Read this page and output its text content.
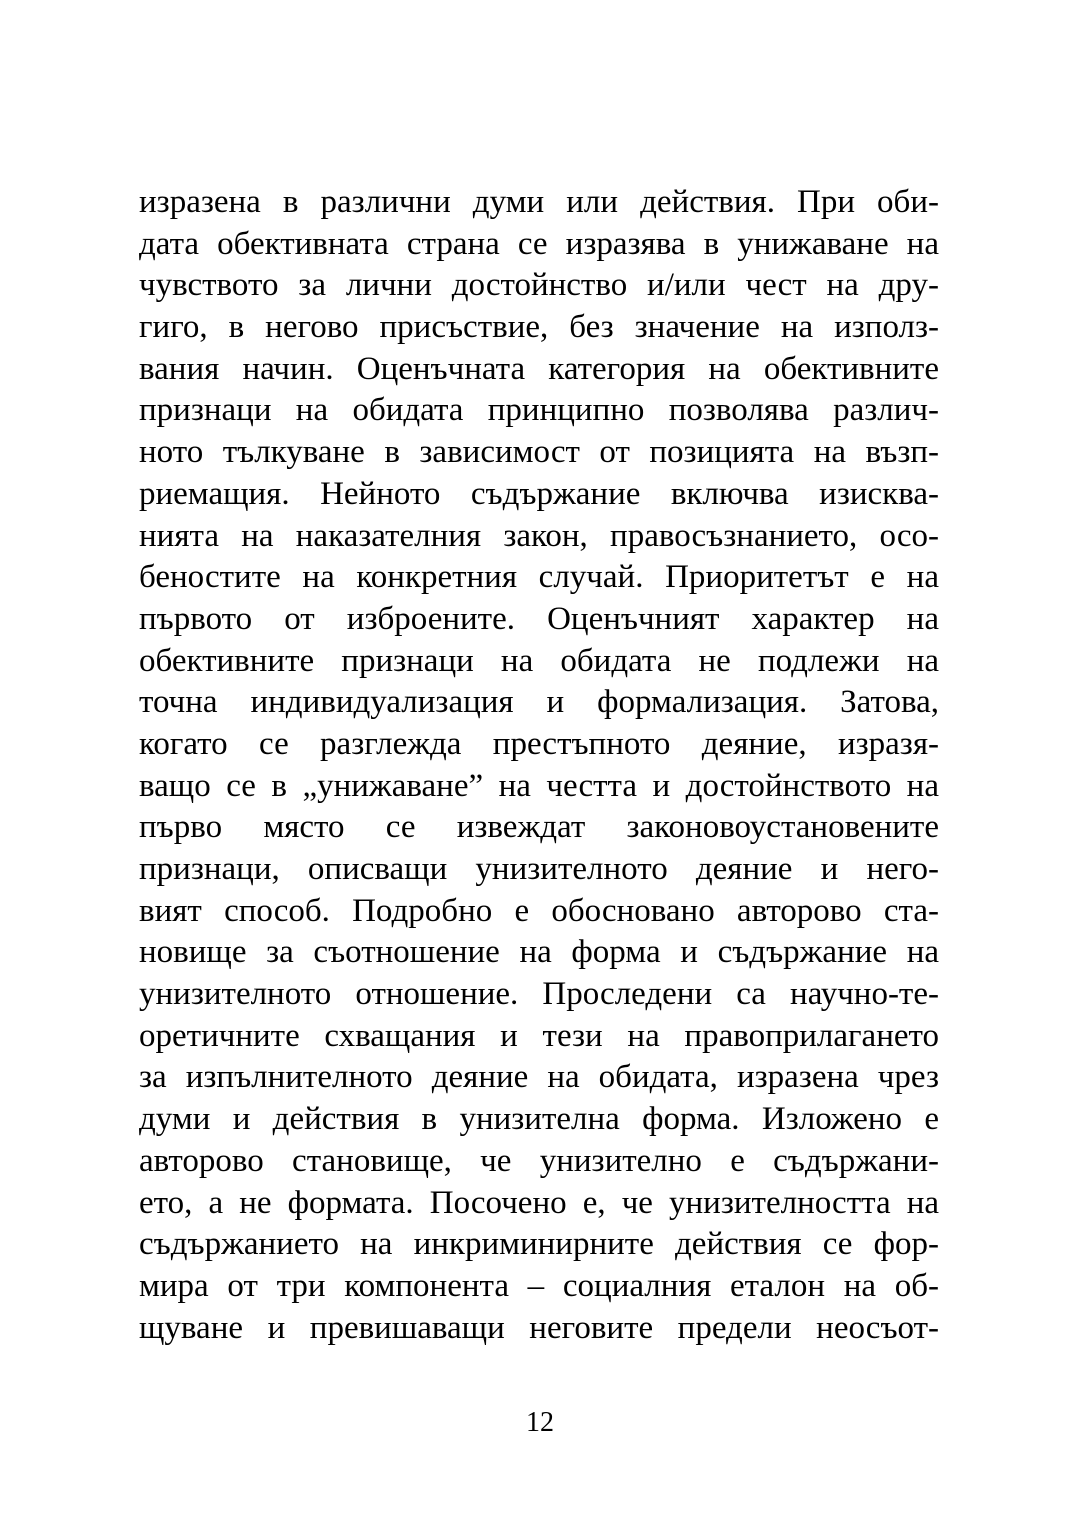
изразена в различни думи или действия. При оби-
дата обективната страна се изразява в унижаване на
чувството за лични достойнство и/или чест на дру-
гиго, в негово присъствие, без значение на използ-
вания начин. Оценъчната категория на обективните
признаци на обидата принципно позволява различ-
ното тълкуване в зависимост от позицията на възп-
риемащия. Нейното съдържание включва изисква-
нията на наказателния закон, правосъзнанието, осо-
беностите на конкретния случай. Приоритетът е на
първото от изброените. Оценъчният характер на
обективните признаци на обидата не подлежи на
точна индивидуализация и формализация. Затова,
когато се разглежда престъпното деяние, изразя-
ващо се в „унижаване” на честта и достойнството на
първо място се извеждат законовоустановените
признаци, описващи унизителното деяние и него-
вият способ. Подробно е обосновано авторово ста-
новище за съотношение на форма и съдържание на
унизителното отношение. Проследени са научно-те-
оретичните схващания и тези на правоприлагането
за изпълнителното деяние на обидата, изразена чрез
думи и действия в унизителна форма. Изложено е
авторово становище, че унизително е съдържани-
ето, а не формата. Посочено е, че унизителността на
съдържанието на инкриминирните действия се фор-
мира от три компонента – социалния еталон на об-
щуване и превишаващи неговите предели неосъот-
12
